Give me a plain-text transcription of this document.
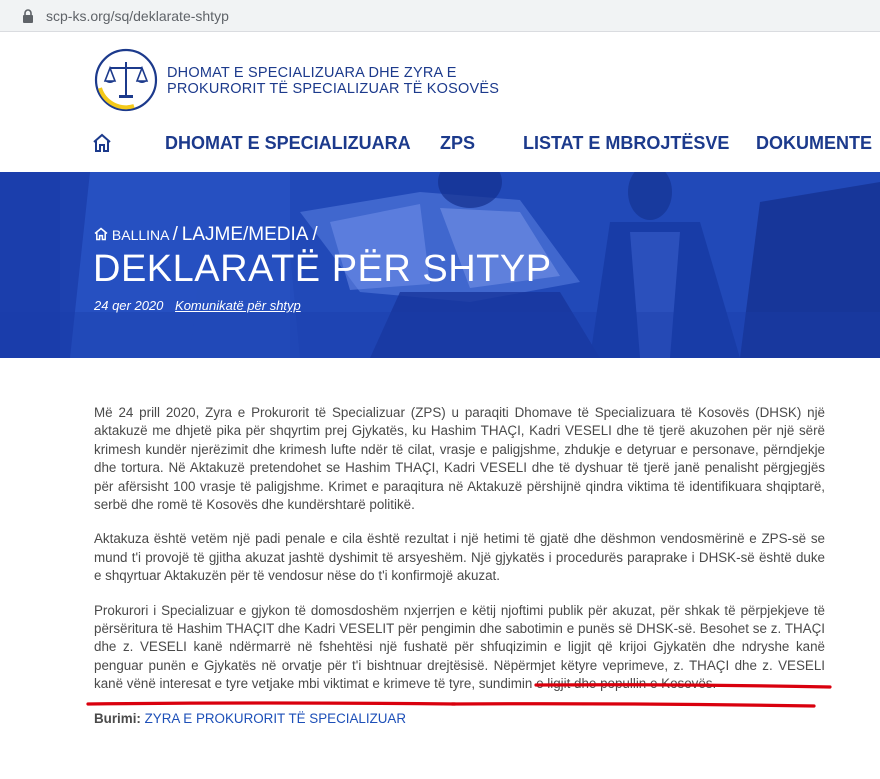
scp-ks.org/sq/deklarate-shtyp
DHOMAT E SPECIALIZUARA DHE ZYRA E
PROKURORIT TË SPECIALIZUAR TË KOSOVËS
DHOMAT E SPECIALIZUARA ZPS	LISTAT E MBROJTËSVE DOKUMENTE
BALLINA / LAJME/MEDIA /
DEKLARATË PËR SHTYP
24 qer 2020 Komunikatë për shtyp

Më 24 prill 2020, Zyra e Prokurorit të Specializuar (ZPS) u paraqiti Dhomave të Specializuara të Kosovës (DHSK) një aktakuzë me dhjetë pika për shqyrtim prej Gjykatës, ku Hashim THAÇI, Kadri VESELI dhe të tjerë akuzohen për një sërë krimesh kundër njerëzimit dhe krimesh lufte ndër të cilat, vrasje e paligjshme, zhdukje e detyruar e personave, përndjekje dhe tortura. Në Aktakuzë pretendohet se Hashim THAÇI, Kadri VESELI dhe të dyshuar të tjerë janë penalisht përgjegjës për afërsisht 100 vrasje të paligjshme. Krimet e paraqitura në Aktakuzë përshijnë qindra viktima të identifikuara shqiptarë, serbë dhe romë të Kosovës dhe kundërshtarë politikë.

Aktakuza është vetëm një padi penale e cila është rezultat i një hetimi të gjatë dhe dëshmon vendosmërinë e ZPS-së se mund t'i provojë të gjitha akuzat jashtë dyshimit të arsyeshëm. Një gjykatës i procedurës paraprake i DHSK-së është duke e shqyrtuar Aktakuzën për të vendosur nëse do t'i konfirmojë akuzat.

Prokurori i Specializuar e gjykon të domosdoshëm nxjerrjen e këtij njoftimi publik për akuzat, për shkak të përpjekjeve të përsëritura të Hashim THAÇIT dhe Kadri VESELIT për pengimin dhe sabotimin e punës së DHSK-së. Besohet se z. THAÇI dhe z. VESELI kanë ndërmarrë në fshehtësi një fushatë për shfuqizimin e ligjit që krijoi Gjykatën dhe ndryshe kanë penguar punën e Gjykatës në orvatje për t'i bishtnuar drejtësisë. Nëpërmjet këtyre veprimeve, z. THAÇI dhe z. VESELI kanë vënë interesat e tyre vetjake mbi viktimat e krimeve të tyre, sundimin e ligjit dhe popullin e Kosovës.

Burimi: ZYRA E PROKURORIT TË SPECIALIZUAR
